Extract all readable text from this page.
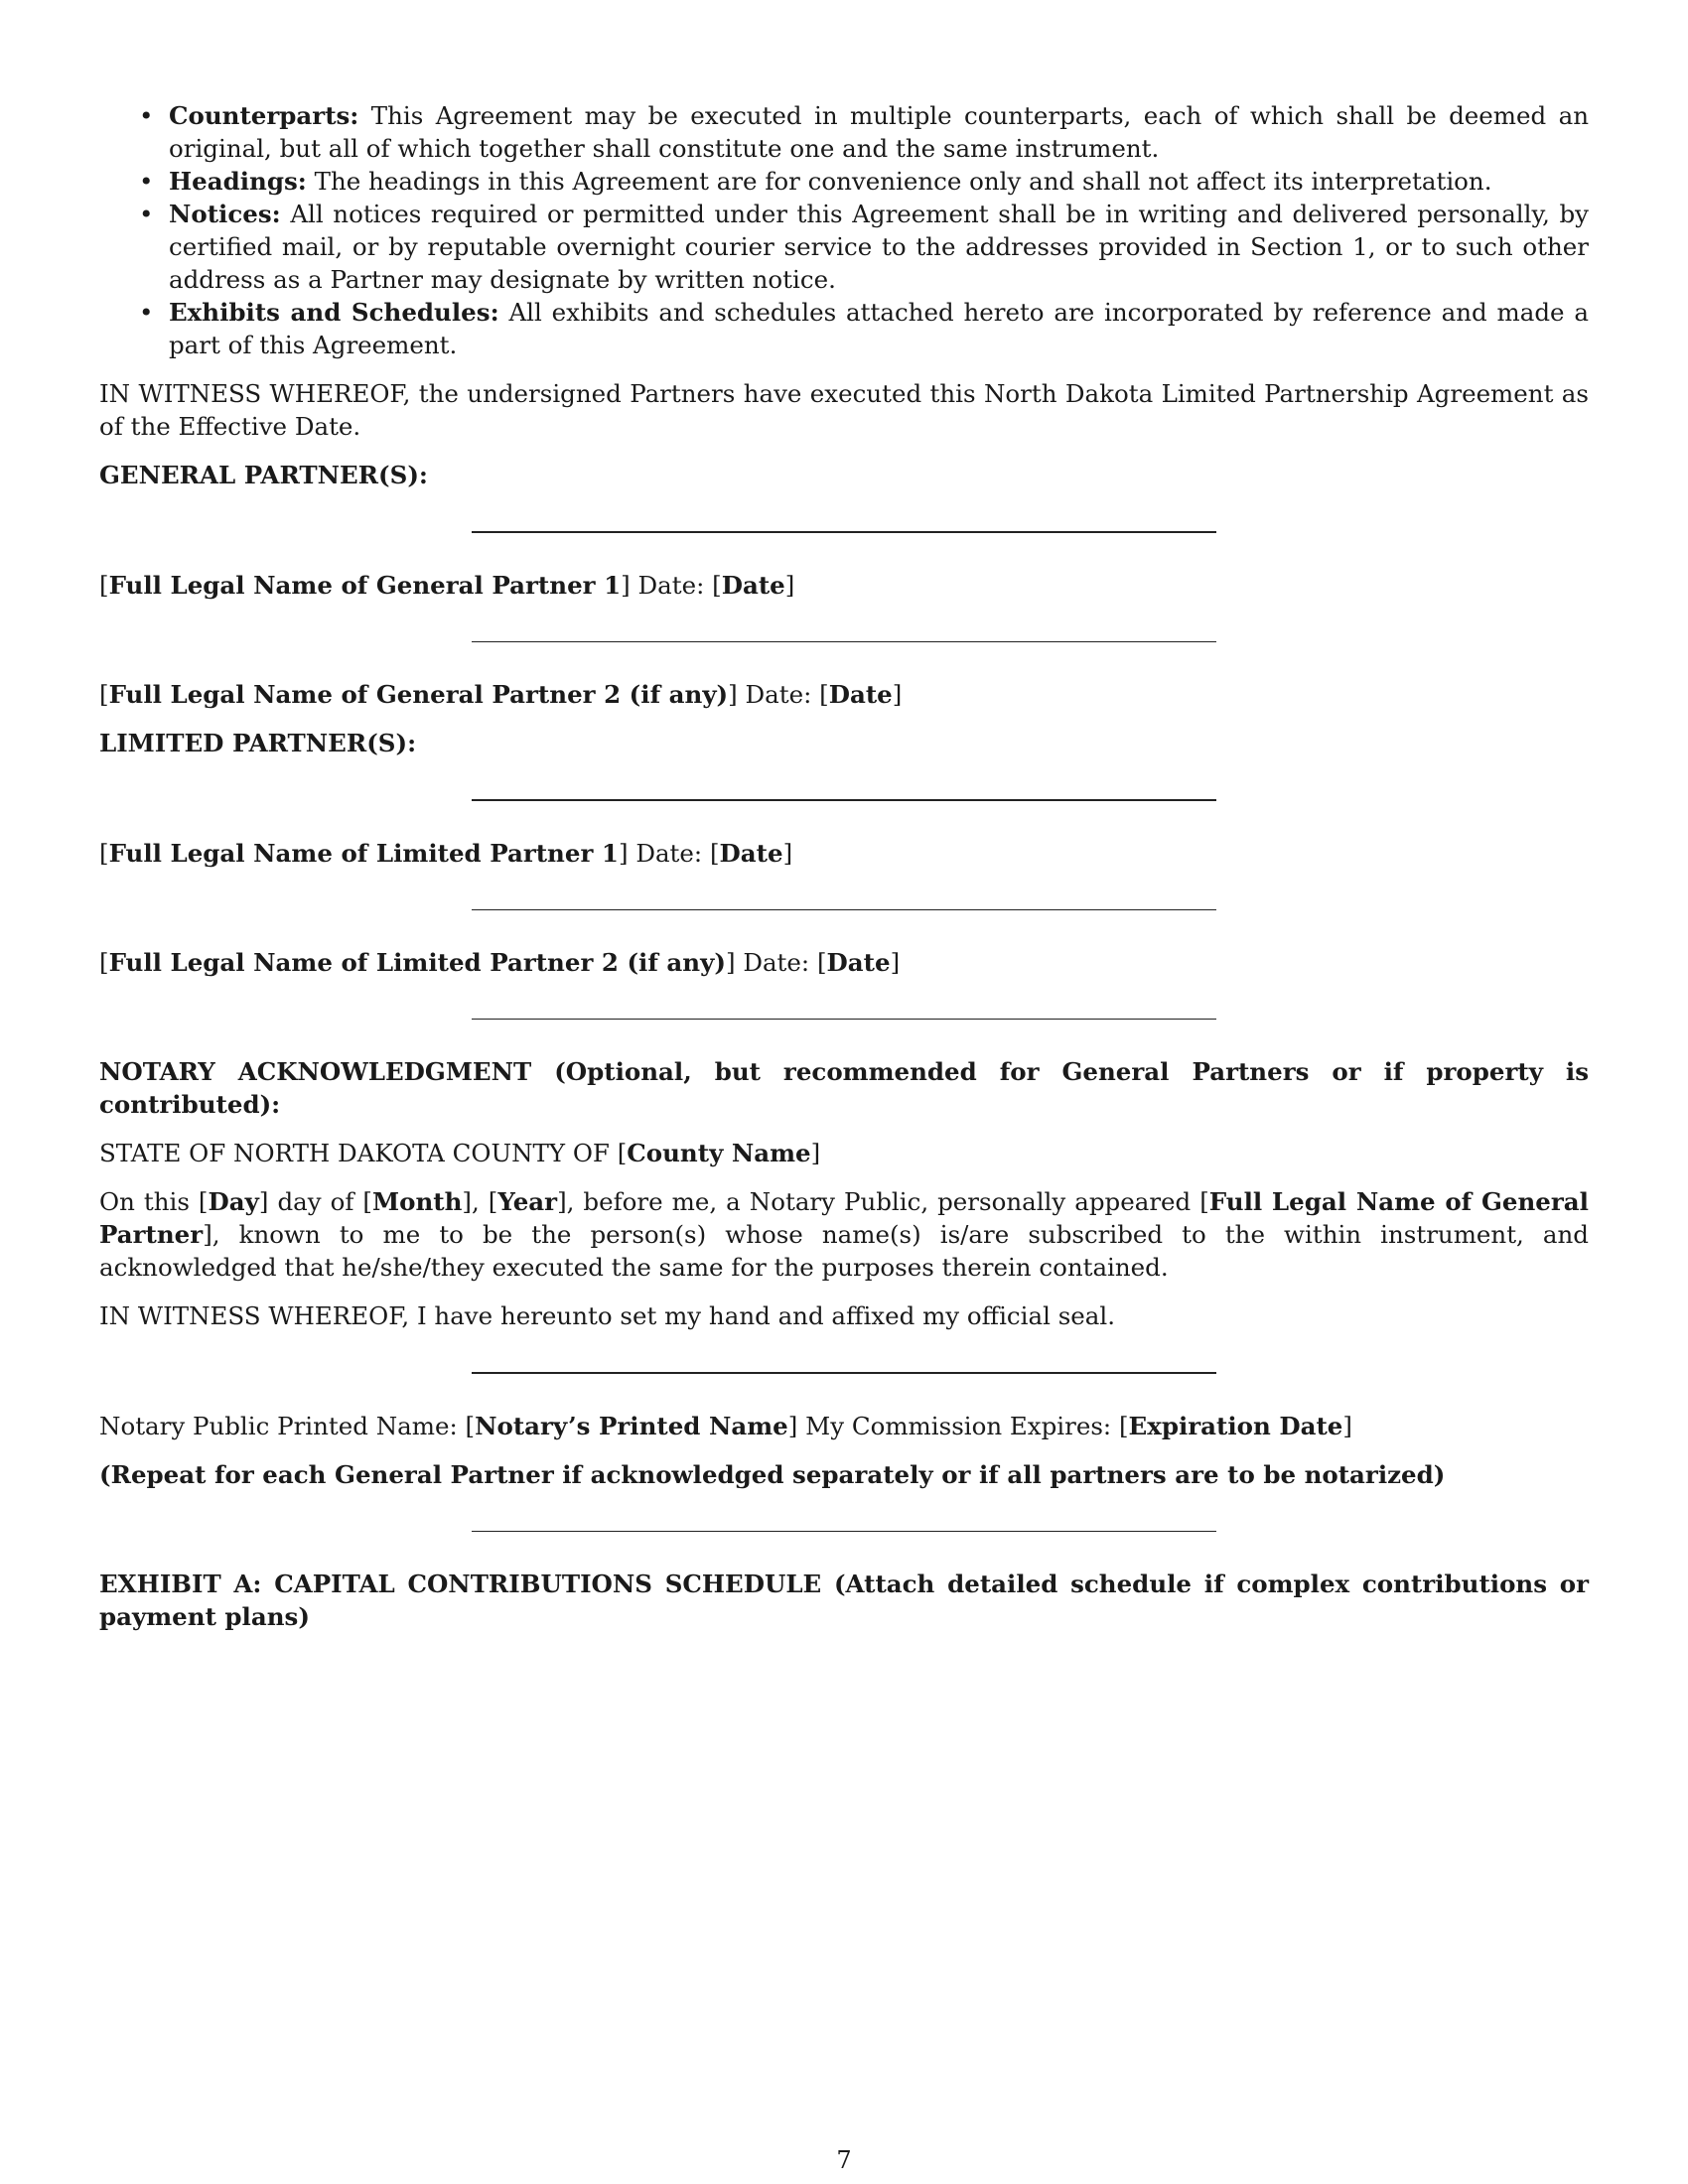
• Counterparts: This Agreement may be executed in multiple counterparts, each of which shall be deemed an original, but all of which together shall constitute one and the same instrument.
• Headings: The headings in this Agreement are for convenience only and shall not affect its interpretation.
• Notices: All notices required or permitted under this Agreement shall be in writing and delivered personally, by certified mail, or by reputable overnight courier service to the addresses provided in Section 1, or to such other address as a Partner may designate by written notice.
• Exhibits and Schedules: All exhibits and schedules attached hereto are incorporated by reference and made a part of this Agreement.

IN WITNESS WHEREOF, the undersigned Partners have executed this North Dakota Limited Partnership Agreement as of the Effective Date.

GENERAL PARTNER(S):

[Full Legal Name of General Partner 1] Date: [Date]

[Full Legal Name of General Partner 2 (if any)] Date: [Date]

LIMITED PARTNER(S):

[Full Legal Name of Limited Partner 1] Date: [Date]

[Full Legal Name of Limited Partner 2 (if any)] Date: [Date]

NOTARY ACKNOWLEDGMENT (Optional, but recommended for General Partners or if property is contributed):

STATE OF NORTH DAKOTA COUNTY OF [County Name]

On this [Day] day of [Month], [Year], before me, a Notary Public, personally appeared [Full Legal Name of General Partner], known to me to be the person(s) whose name(s) is/are subscribed to the within instrument, and acknowledged that he/she/they executed the same for the purposes therein contained.

IN WITNESS WHEREOF, I have hereunto set my hand and affixed my official seal.

Notary Public Printed Name: [Notary’s Printed Name] My Commission Expires: [Expiration Date]

(Repeat for each General Partner if acknowledged separately or if all partners are to be notarized)

EXHIBIT A: CAPITAL CONTRIBUTIONS SCHEDULE (Attach detailed schedule if complex contributions or payment plans)

7
